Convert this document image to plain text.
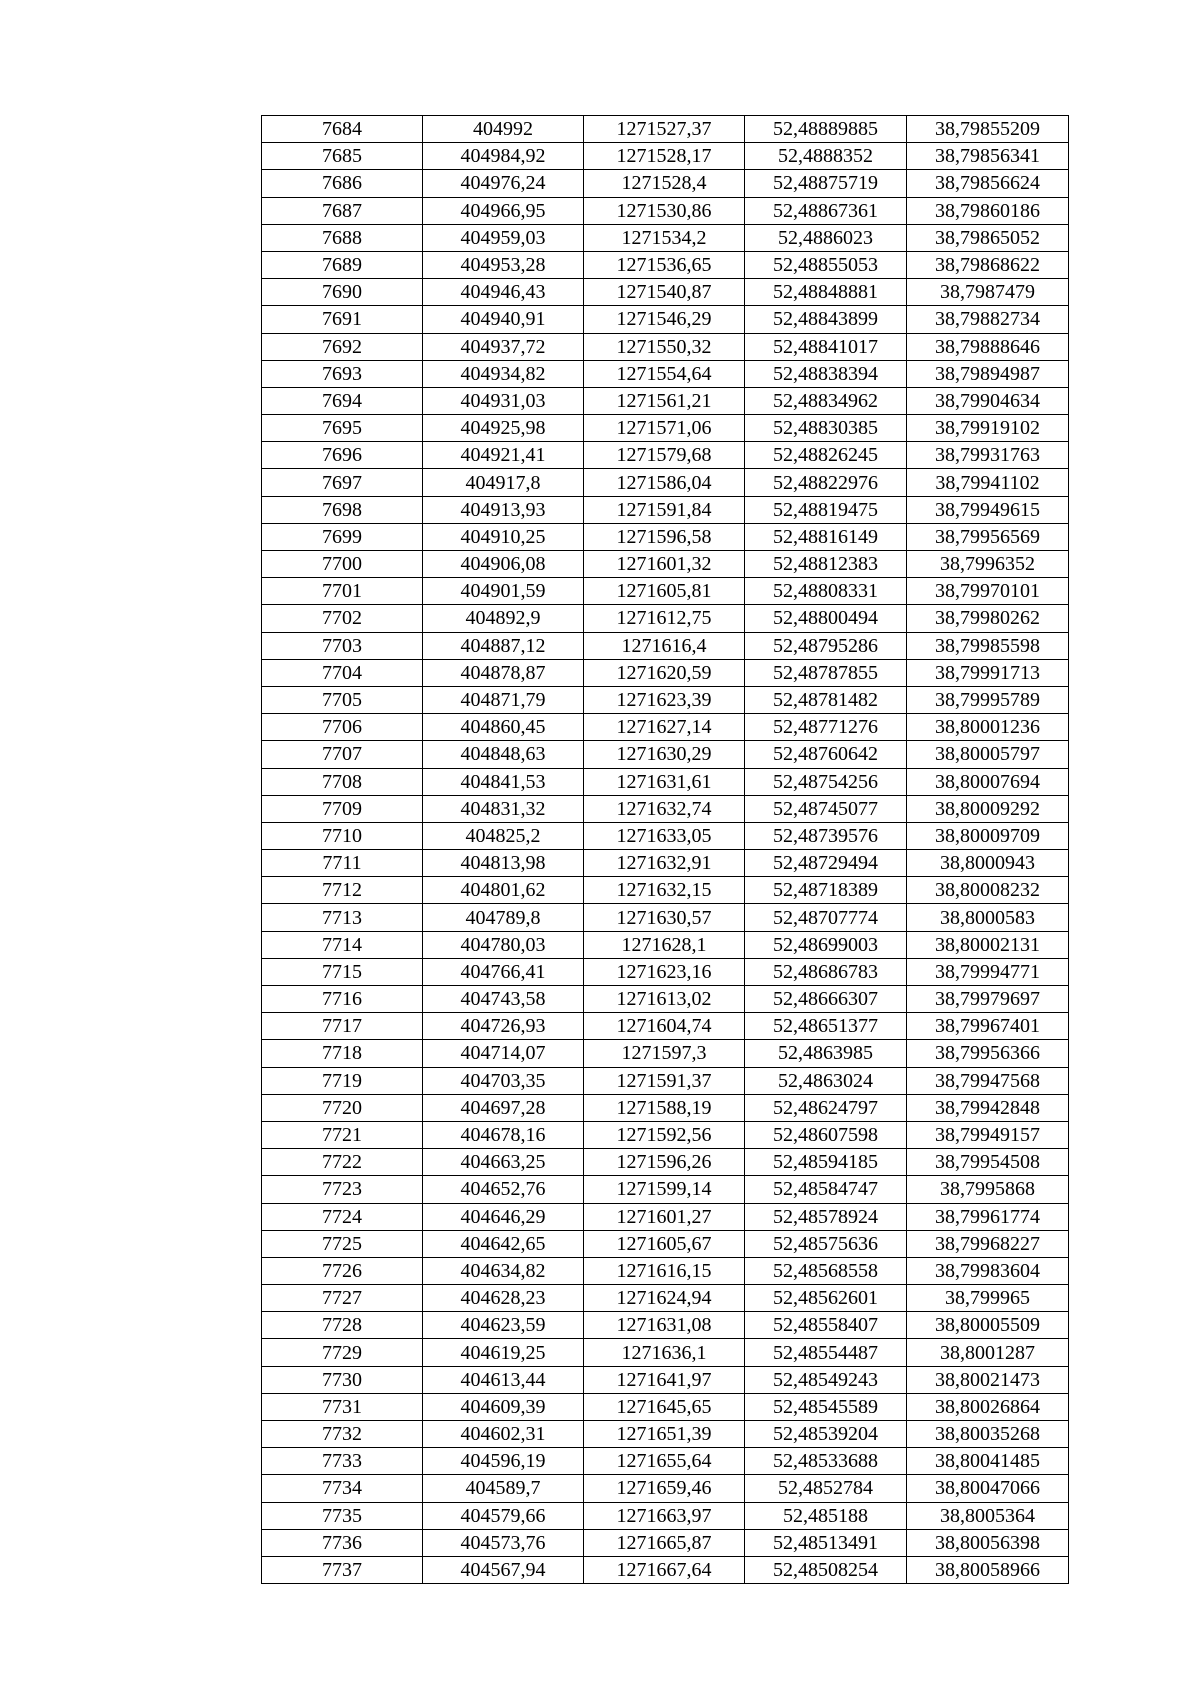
7684	404992	1271527,37	52,48889885	38,79855209
7685	404984,92	1271528,17	52,4888352	38,79856341
7686	404976,24	1271528,4	52,48875719	38,79856624
7687	404966,95	1271530,86	52,48867361	38,79860186
7688	404959,03	1271534,2	52,4886023	38,79865052
7689	404953,28	1271536,65	52,48855053	38,79868622
7690	404946,43	1271540,87	52,48848881	38,7987479
7691	404940,91	1271546,29	52,48843899	38,79882734
7692	404937,72	1271550,32	52,48841017	38,79888646
7693	404934,82	1271554,64	52,48838394	38,79894987
7694	404931,03	1271561,21	52,48834962	38,79904634
7695	404925,98	1271571,06	52,48830385	38,79919102
7696	404921,41	1271579,68	52,48826245	38,79931763
7697	404917,8	1271586,04	52,48822976	38,79941102
7698	404913,93	1271591,84	52,48819475	38,79949615
7699	404910,25	1271596,58	52,48816149	38,79956569
7700	404906,08	1271601,32	52,48812383	38,7996352
7701	404901,59	1271605,81	52,48808331	38,79970101
7702	404892,9	1271612,75	52,48800494	38,79980262
7703	404887,12	1271616,4	52,48795286	38,79985598
7704	404878,87	1271620,59	52,48787855	38,79991713
7705	404871,79	1271623,39	52,48781482	38,79995789
7706	404860,45	1271627,14	52,48771276	38,80001236
7707	404848,63	1271630,29	52,48760642	38,80005797
7708	404841,53	1271631,61	52,48754256	38,80007694
7709	404831,32	1271632,74	52,48745077	38,80009292
7710	404825,2	1271633,05	52,48739576	38,80009709
7711	404813,98	1271632,91	52,48729494	38,8000943
7712	404801,62	1271632,15	52,48718389	38,80008232
7713	404789,8	1271630,57	52,48707774	38,8000583
7714	404780,03	1271628,1	52,48699003	38,80002131
7715	404766,41	1271623,16	52,48686783	38,79994771
7716	404743,58	1271613,02	52,48666307	38,79979697
7717	404726,93	1271604,74	52,48651377	38,79967401
7718	404714,07	1271597,3	52,4863985	38,79956366
7719	404703,35	1271591,37	52,4863024	38,79947568
7720	404697,28	1271588,19	52,48624797	38,79942848
7721	404678,16	1271592,56	52,48607598	38,79949157
7722	404663,25	1271596,26	52,48594185	38,79954508
7723	404652,76	1271599,14	52,48584747	38,7995868
7724	404646,29	1271601,27	52,48578924	38,79961774
7725	404642,65	1271605,67	52,48575636	38,79968227
7726	404634,82	1271616,15	52,48568558	38,79983604
7727	404628,23	1271624,94	52,48562601	38,799965
7728	404623,59	1271631,08	52,48558407	38,80005509
7729	404619,25	1271636,1	52,48554487	38,8001287
7730	404613,44	1271641,97	52,48549243	38,80021473
7731	404609,39	1271645,65	52,48545589	38,80026864
7732	404602,31	1271651,39	52,48539204	38,80035268
7733	404596,19	1271655,64	52,48533688	38,80041485
7734	404589,7	1271659,46	52,4852784	38,80047066
7735	404579,66	1271663,97	52,485188	38,8005364
7736	404573,76	1271665,87	52,48513491	38,80056398
7737	404567,94	1271667,64	52,48508254	38,80058966
